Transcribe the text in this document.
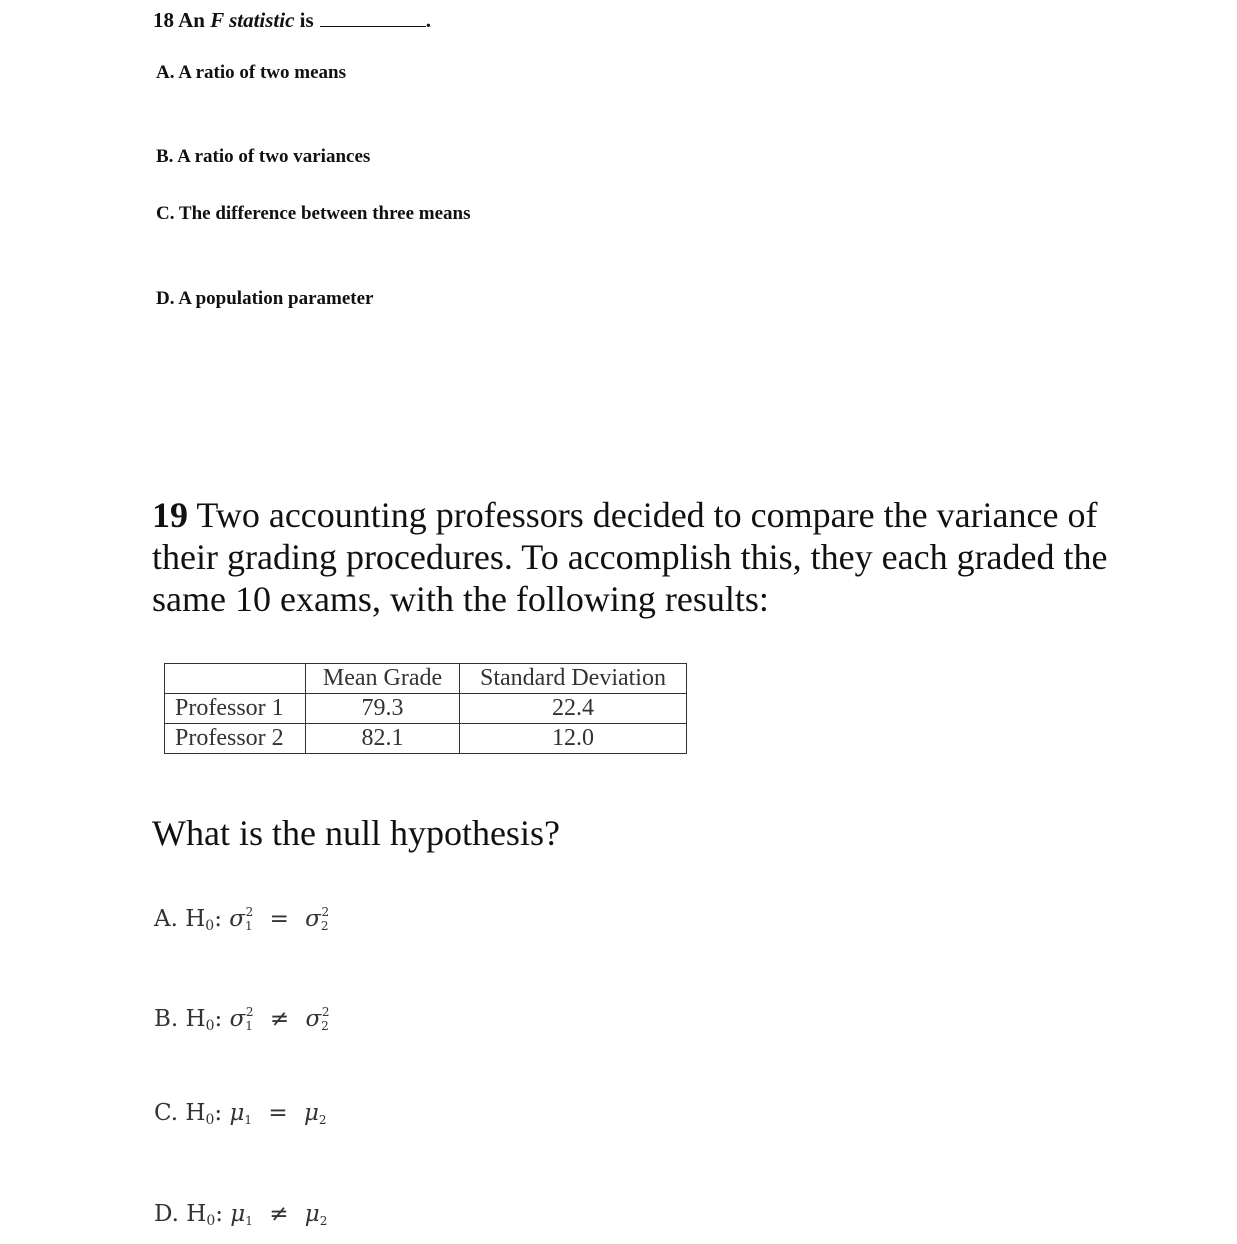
18 An F statistic is	.
A. A ratio of two means
B. A ratio of two variances
C. The difference between three means
D. A population parameter
19 Two accounting professors decided to compare the variance of their grading procedures. To accomplish this, they each graded the same 10 exams, with the following results:
	Mean Grade	Standard Deviation
Professor 1	79.3	22.4
Professor 2	82.1	12.0
What is the null hypothesis?
A. $H_0$: $\sigma 1^2 = \sigma 2^2$
B. $H_0$: $\sigma 1^2 \ne \sigma 2^2$
C. $H_0$: μ1 = μ2
D. $H_0$: μ1 ≠ μ2
